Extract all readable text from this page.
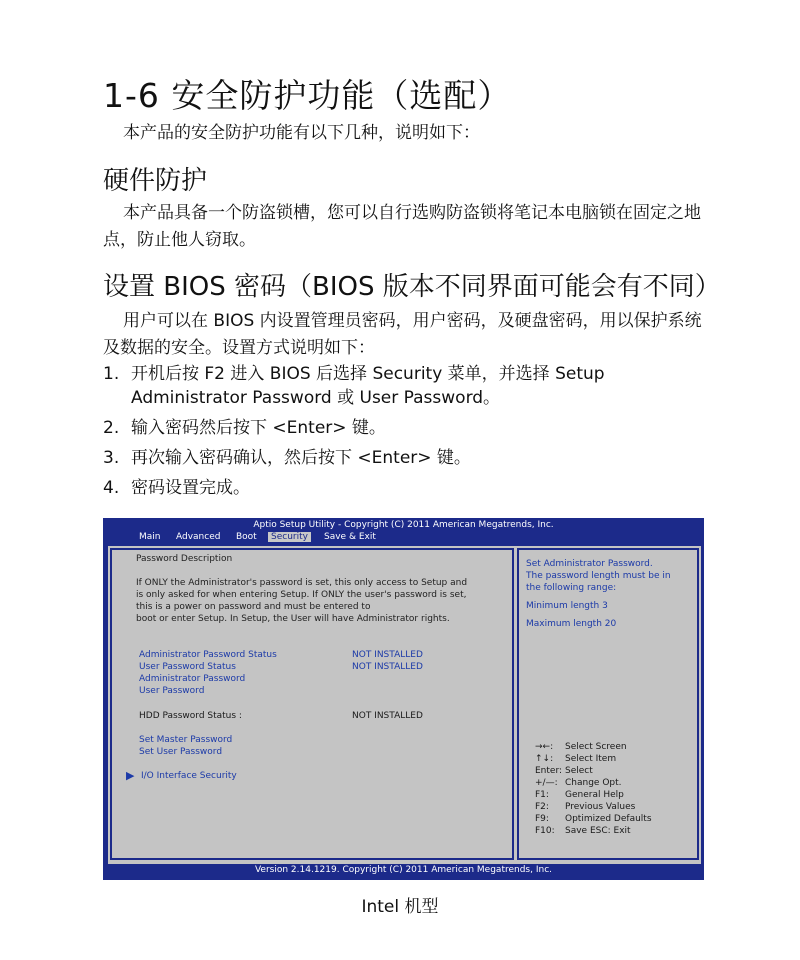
1-6 安全防护功能（选配）

本产品的安全防护功能有以下几种，说明如下：

硬件防护

本产品具备一个防盗锁槽，您可以自行选购防盗锁将笔记本电脑锁在固定之地点，防止他人窃取。

设置 BIOS 密码（BIOS 版本不同界面可能会有不同）

用户可以在 BIOS 内设置管理员密码，用户密码，及硬盘密码，用以保护系统及数据的安全。设置方式说明如下：

1. 开机后按 F2 进入 BIOS 后选择 Security 菜单，并选择 Setup Administrator Password 或 User Password。
2. 输入密码然后按下 <Enter> 键。
3. 再次输入密码确认，然后按下 <Enter> 键。
4. 密码设置完成。
Aptio Setup Utility - Copyright (C) 2011 American Megatrends, Inc.
Main	Advanced	Boot	Security	Save & Exit
Password Description
If ONLY the Administrator's password is set, this only access to Setup and
is only asked for when entering Setup. If ONLY the user's password is set,
this is a power on password and must be entered to
boot or enter Setup. In Setup, the User will have Administrator rights.
Administrator Password Status	NOT INSTALLED
User Password Status	NOT INSTALLED
Administrator Password
User Password
HDD Password Status :	NOT INSTALLED
Set Master Password
Set User Password
▶ I/O Interface Security
Set Administrator Password.
The password length must be in
the following range:
Minimum length 3
Maximum length 20
→←: Select Screen
↑↓: Select Item
Enter: Select
+/—: Change Opt.
F1: General Help
F2: Previous Values
F9: Optimized Defaults
F10: Save ESC: Exit
Version 2.14.1219. Copyright (C) 2011 American Megatrends, Inc.
Intel 机型
